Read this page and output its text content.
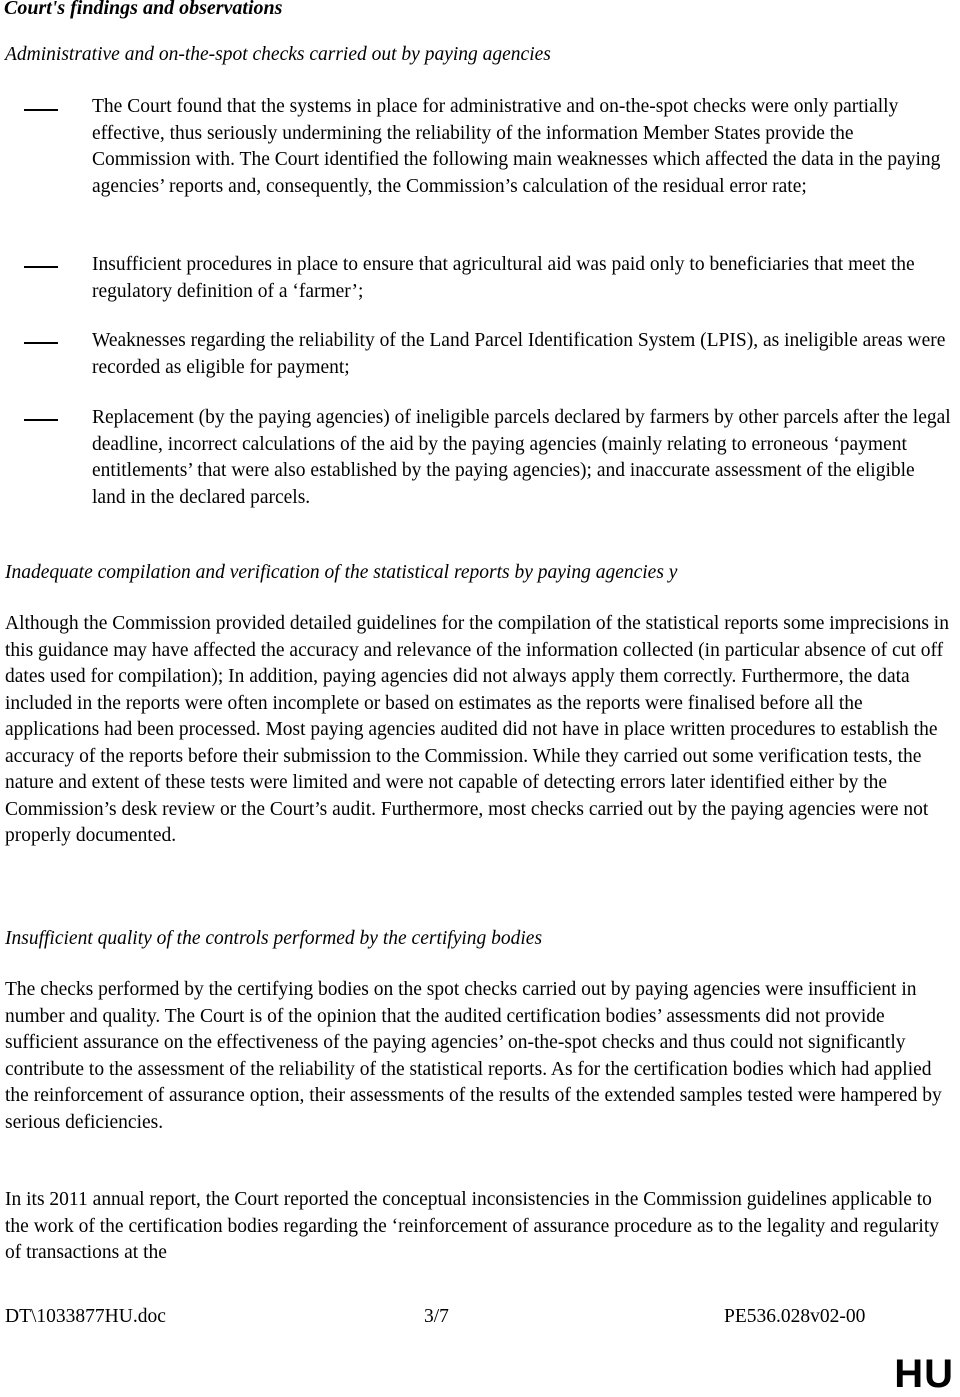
Court's findings and observations
Administrative and on-the-spot checks carried out by paying agencies
The Court found that the systems in place for administrative and on-the-spot checks were only partially effective, thus seriously undermining the reliability of the information Member States provide the Commission with. The Court identified the following main weaknesses which affected the data in the paying agencies’ reports and, consequently, the Commission’s calculation of the residual error rate;
Insufficient procedures in place to ensure that agricultural aid was paid only to beneficiaries that meet the regulatory definition of a ‘farmer’;
Weaknesses regarding the reliability of the Land Parcel Identification System (LPIS), as ineligible areas were recorded as eligible for payment;
Replacement (by the paying agencies) of ineligible parcels declared by farmers by other parcels after the legal deadline, incorrect calculations of the aid by the paying agencies (mainly relating to erroneous ‘payment entitlements’ that were also established by the paying agencies); and inaccurate assessment of the eligible land in the declared parcels.
Inadequate compilation and verification of the statistical reports by paying agencies y
Although the Commission provided detailed guidelines for the compilation of the statistical reports some imprecisions in this guidance may have affected the accuracy and relevance of the information collected (in particular absence of cut off dates used for compilation); In addition, paying agencies did not always apply them correctly. Furthermore, the data included in the reports were often incomplete or based on estimates as the reports were finalised before all the applications had been processed. Most paying agencies audited did not have in place written procedures to establish the accuracy of the reports before their submission to the Commission. While they carried out some verification tests, the nature and extent of these tests were limited and were not capable of detecting errors later identified either by the Commission’s desk review or the Court’s audit. Furthermore, most checks carried out by the paying agencies were not properly documented.
Insufficient quality of the controls performed by the certifying bodies
The checks performed by the certifying bodies on the spot checks carried out by paying agencies were insufficient in number and quality. The Court is of the opinion that the audited certification bodies’ assessments did not provide sufficient assurance on the effectiveness of the paying agencies’ on-the-spot checks and thus could not significantly contribute to the assessment of the reliability of the statistical reports. As for the certification bodies which had applied the reinforcement of assurance option, their assessments of the results of the extended samples tested were hampered by serious deficiencies.
In its 2011 annual report, the Court reported the conceptual inconsistencies in the Commission guidelines applicable to the work of the certification bodies regarding the ‘reinforcement of assurance procedure as to the legality and regularity of transactions at the
DT\1033877HU.doc	3/7	PE536.028v02-00
HU
